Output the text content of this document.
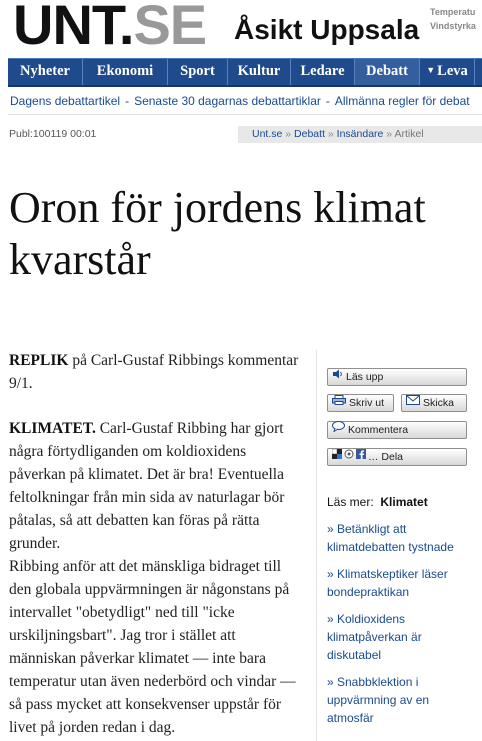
UNT.SE Åsikt Uppsala
Temperatu
Vindstyrka
Nyheter	Ekonomi	Sport	Kultur	Ledare	Debatt	▼ Leva
Dagens debattartikel - Senaste 30 dagarnas debattartiklar - Allmänna regler för debat
Publ:100119 00:01	Unt.se » Debatt » Insändare » Artikel
Oron för jordens klimat kvarstår

REPLIK på Carl-Gustaf Ribbings kommentar 9/1.

KLIMATET. Carl-Gustaf Ribbing har gjort några förtydliganden om koldioxidens påverkan på klimatet. Det är bra! Eventuella feltolkningar från min sida av naturlagar bör påtalas, så att debatten kan föras på rätta grunder.

Ribbing anför att det mänskliga bidraget till den globala uppvärmningen är någonstans på intervallet "obetydligt" ned till "icke urskiljningsbart". Jag tror i stället att människan påverkar klimatet — inte bara temperatur utan även nederbörd och vindar — så pass mycket att konsekvenser uppstår för livet på jorden redan i dag.

Läs upp
Skriv ut	Skicka
Kommentera
… Dela
Läs mer: Klimatet
» Betänkligt att klimatdebatten tystnade
» Klimatskeptiker läser bondepraktikan
» Koldioxidens klimatpåverkan är diskutabel
» Snabbklektion i uppvärmning av en atmosfär
